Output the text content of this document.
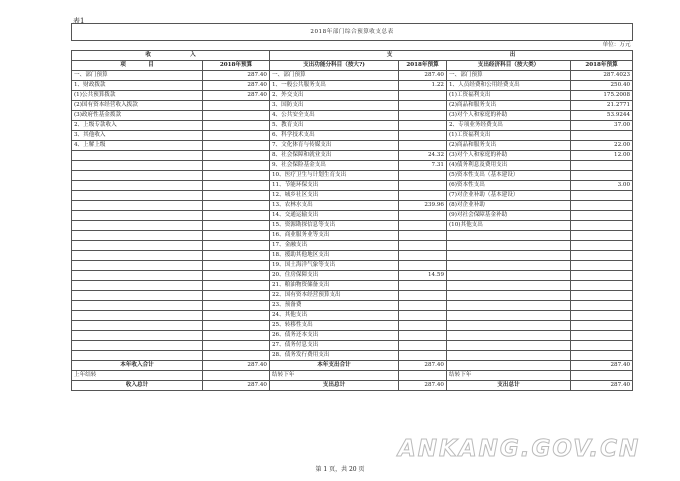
表1
2018年部门综合预算收支总表					
单位：万元					
收　　　　　　　入		支　　　　　　　　　　　　　　　　　　　　　出			
项　　　　目	2018年预算	支出功能分科目（按大?)	2018年预算	支出经济科目（按大类）	2018年预算
一、部门预算	287.40	一、部门预算	287.40	一、部门预算	287.4023
1、财政拨款	287.40	1、一般公共服务支出	1.22	1、人员经费和公用经费支出	250.40
(1)公共预算拨款	287.40	2、外交支出		(1)工资福利支出	175.2008
(2)国有资本经营收入拨款		3、国防支出		(2)商品和服务支出	21.2771
(3)政府性基金拨款		4、公共安全支出		(3)对个人和家庭的补助	53.9244
2、上级专款收入		5、教育支出		2、专项业务经费支出	37.00
3、其他收入		6、科学技术支出		(1)工资福利支出	
4、上解上级		7、文化体育与传媒支出		(2)商品和服务支出	22.00
		8、社会保障和就业支出	24.32	(3)对个人和家庭的补助	12.00
		9、社会保险基金支出	7.31	(4)债务利息及费用支出	
		10、医疗卫生与计划生育支出		(5)资本性支出（基本建设）	
		11、节能环保支出		(6)资本性支出	3.00
		12、城乡社区支出		(7)对企业补助（基本建设）	
		13、农林水支出	239.96	(8)对企业补助	
		14、交通运输支出		(9)对社会保障基金补助	
		15、资源勘探信息等支出		(10)其他支出	
		16、商业服务业等支出			
		17、金融支出			
		18、援助其他地区支出			
		19、国土海洋气象等支出			
		20、住房保障支出	14.59		
		21、粮油物资储备支出			
		22、国有资本经营预算支出			
		23、预备费			
		24、其他支出			
		25、转移性支出			
		26、债务还本支出			
		27、债务付息支出			
		28、债务发行费用支出			
本年收入合计	287.40	本年支出合计	287.40		287.40
上年结转		结转下年		结转下年	
收入总计	287.40	支出总计	287.40	支出总计	287.40
ANKANG.GOV.CN
第 1 页，共 20 页
